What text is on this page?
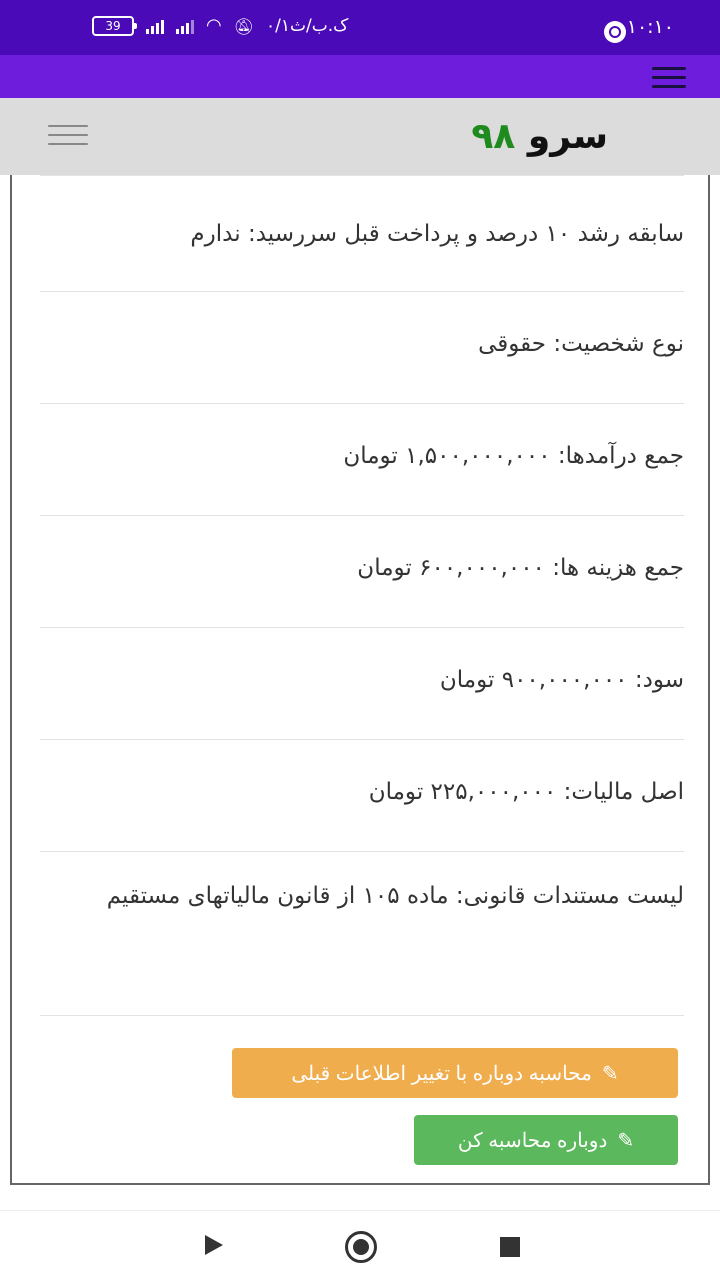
39	◠ 🔕︎ ۰/۱ک.ب/ث	۱۰:۱۰
سرو ۹۸
سابقه رشد ۱۰ درصد و پرداخت قبل سررسید: ندارم
نوع شخصیت: حقوقی
جمع درآمدها: ۱,۵۰۰,۰۰۰,۰۰۰ تومان
جمع هزینه ها: ۶۰۰,۰۰۰,۰۰۰ تومان
سود: ۹۰۰,۰۰۰,۰۰۰ تومان
اصل مالیات: ۲۲۵,۰۰۰,۰۰۰ تومان
لیست مستندات قانونی: ماده ۱۰۵ از قانون مالیاتهای مستقیم
✎
محاسبه دوباره با تغییر اطلاعات قبلی
✎
دوباره محاسبه کن
